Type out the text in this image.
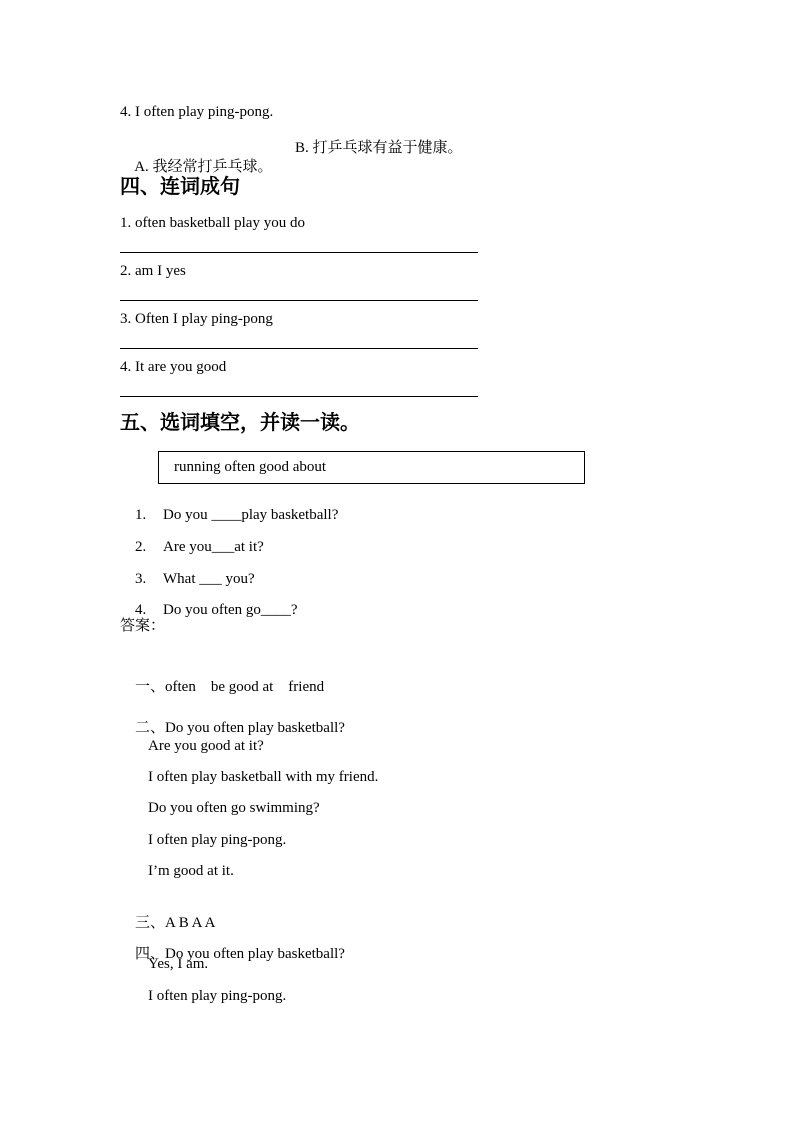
4. I often play ping-pong.

A. 我经常打乒乓球。

B. 打乒乓球有益于健康。

四、连词成句
1. often basketball play you do
2. am I yes
3. Often I play ping-pong
4. It are you good
五、选词填空，并读一读。
running often good about

1. Do you ____play basketball?

2. Are you___at it?

3. What ___ you?

4. Do you often go____?

答案：

一、often　be good at　friend

二、Do you often play basketball?

Are you good at it?
I often play basketball with my friend.
Do you often go swimming?
I often play ping-pong.
I’m good at it.

三、A B A A

四、Do you often play basketball?

Yes, I am.
I often play ping-pong.
